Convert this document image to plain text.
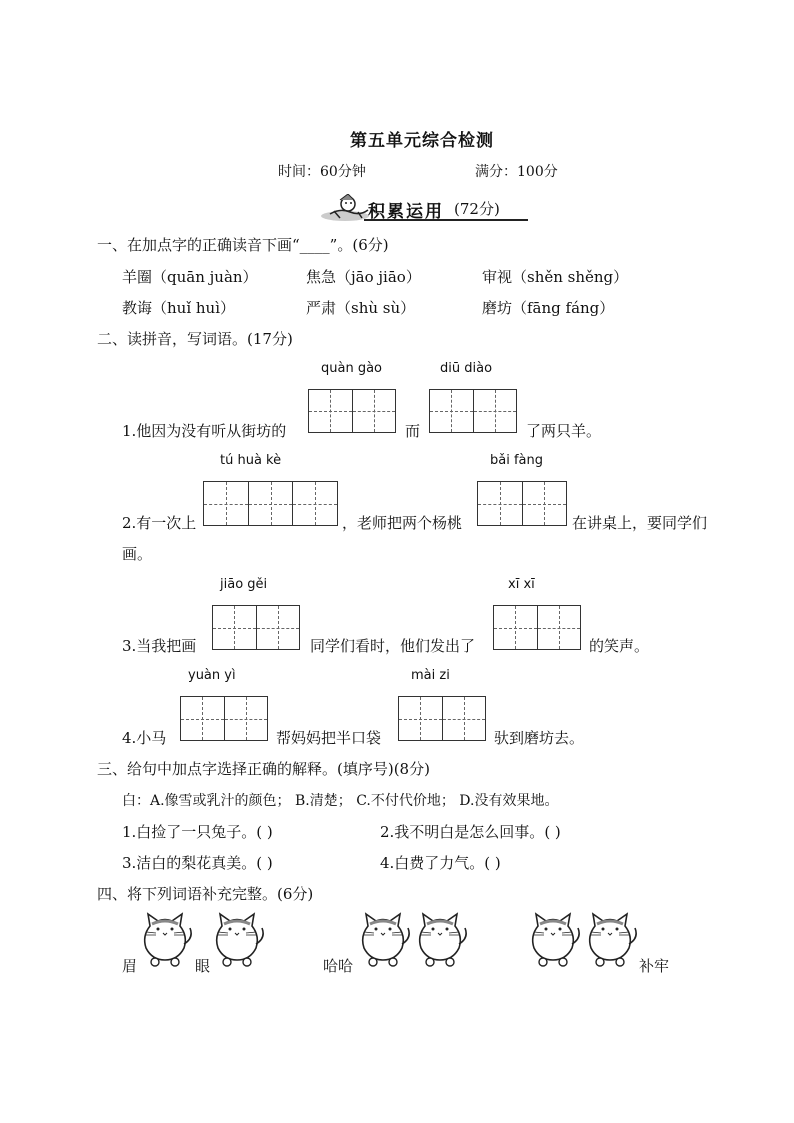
第五单元综合检测
时间：60分钟	满分：100分
积累运用 (72分)
一、在加点字的正确读音下画“____”。(6分)
羊圈（quān juàn）	焦急（jāo jiāo）	审视（shěn shěng）
教诲（huǐ huì）	严肃（shù sù）	磨坊（fāng fáng）
二、读拼音，写词语。(17分)
quàn gào	diū diào
1.他因为没有听从街坊的	而	了两只羊。
tú huà kè	bǎi fàng
2.有一次上	，老师把两个杨桃	在讲桌上，要同学们
画。
jiāo gěi	xī xī
3.当我把画	同学们看时，他们发出了	的笑声。
yuàn yì	mài zi
4.小马	帮妈妈把半口袋	驮到磨坊去。
三、给句中加点字选择正确的解释。(填序号)(8分)
白：A.像雪或乳汁的颜色； B.清楚； C.不付代价地； D.没有效果地。
1.白捡了一只兔子。( )	2.我不明白是怎么回事。( )
3.洁白的梨花真美。( )	4.白费了力气。( )
四、将下列词语补充完整。(6分)
眉	眼	哈哈	补牢
